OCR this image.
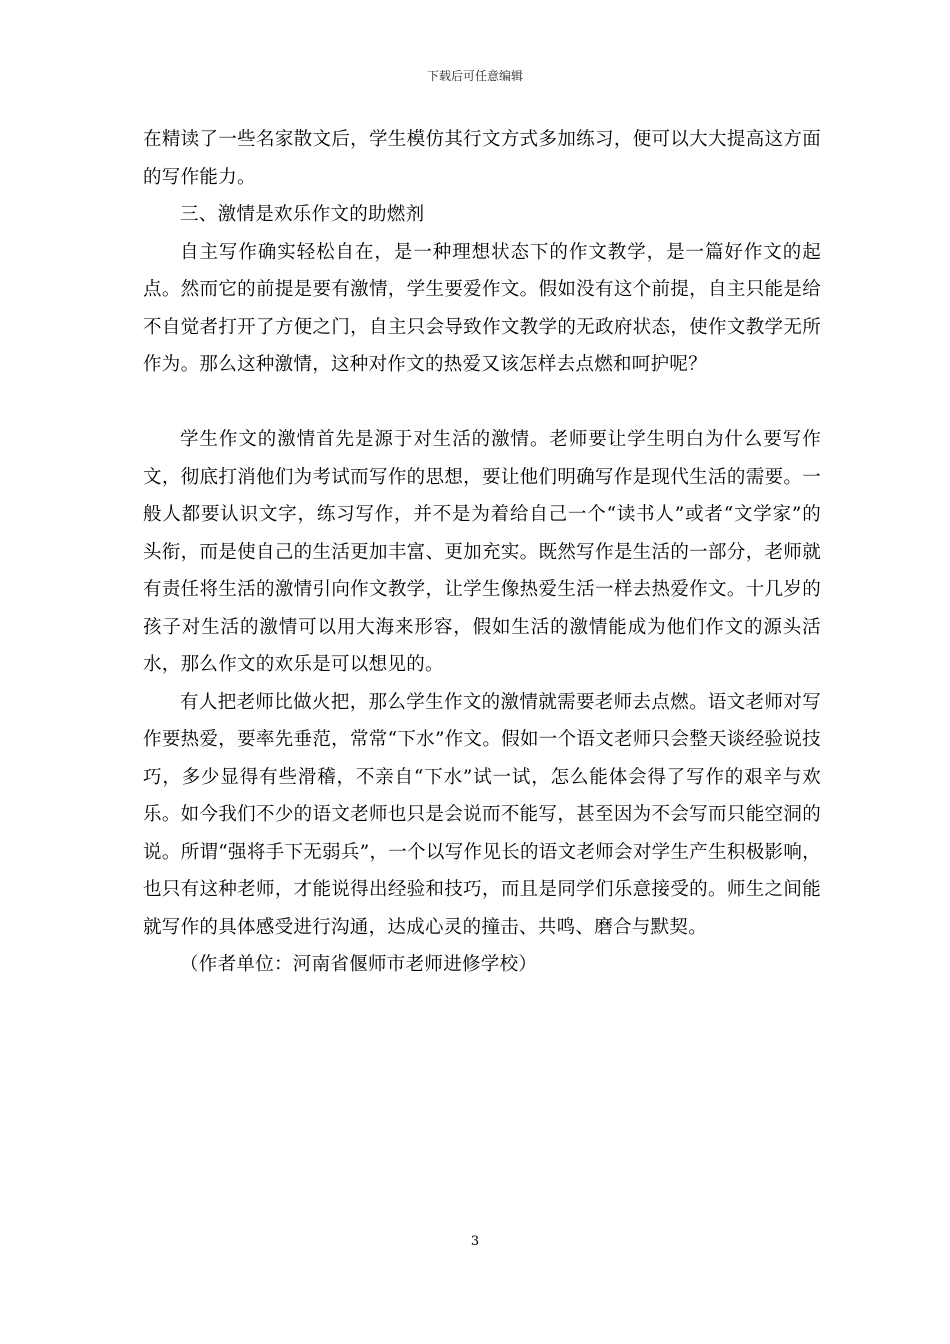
下载后可任意编辑

在精读了一些名家散文后，学生模仿其行文方式多加练习，便可以大大提高这方面的写作能力。

三、激情是欢乐作文的助燃剂

自主写作确实轻松自在，是一种理想状态下的作文教学，是一篇好作文的起点。然而它的前提是要有激情，学生要爱作文。假如没有这个前提，自主只能是给不自觉者打开了方便之门，自主只会导致作文教学的无政府状态，使作文教学无所作为。那么这种激情，这种对作文的热爱又该怎样去点燃和呵护呢？

学生作文的激情首先是源于对生活的激情。老师要让学生明白为什么要写作文，彻底打消他们为考试而写作的思想，要让他们明确写作是现代生活的需要。一般人都要认识文字，练习写作，并不是为着给自己一个“读书人”或者“文学家”的头衔，而是使自己的生活更加丰富、更加充实。既然写作是生活的一部分，老师就有责任将生活的激情引向作文教学，让学生像热爱生活一样去热爱作文。十几岁的孩子对生活的激情可以用大海来形容，假如生活的激情能成为他们作文的源头活水，那么作文的欢乐是可以想见的。

有人把老师比做火把，那么学生作文的激情就需要老师去点燃。语文老师对写作要热爱，要率先垂范，常常“下水”作文。假如一个语文老师只会整天谈经验说技巧，多少显得有些滑稽，不亲自“下水”试一试，怎么能体会得了写作的艰辛与欢乐。如今我们不少的语文老师也只是会说而不能写，甚至因为不会写而只能空洞的说。所谓“强将手下无弱兵”，一个以写作见长的语文老师会对学生产生积极影响，也只有这种老师，才能说得出经验和技巧，而且是同学们乐意接受的。师生之间能就写作的具体感受进行沟通，达成心灵的撞击、共鸣、磨合与默契。

（作者单位：河南省偃师市老师进修学校）

3
